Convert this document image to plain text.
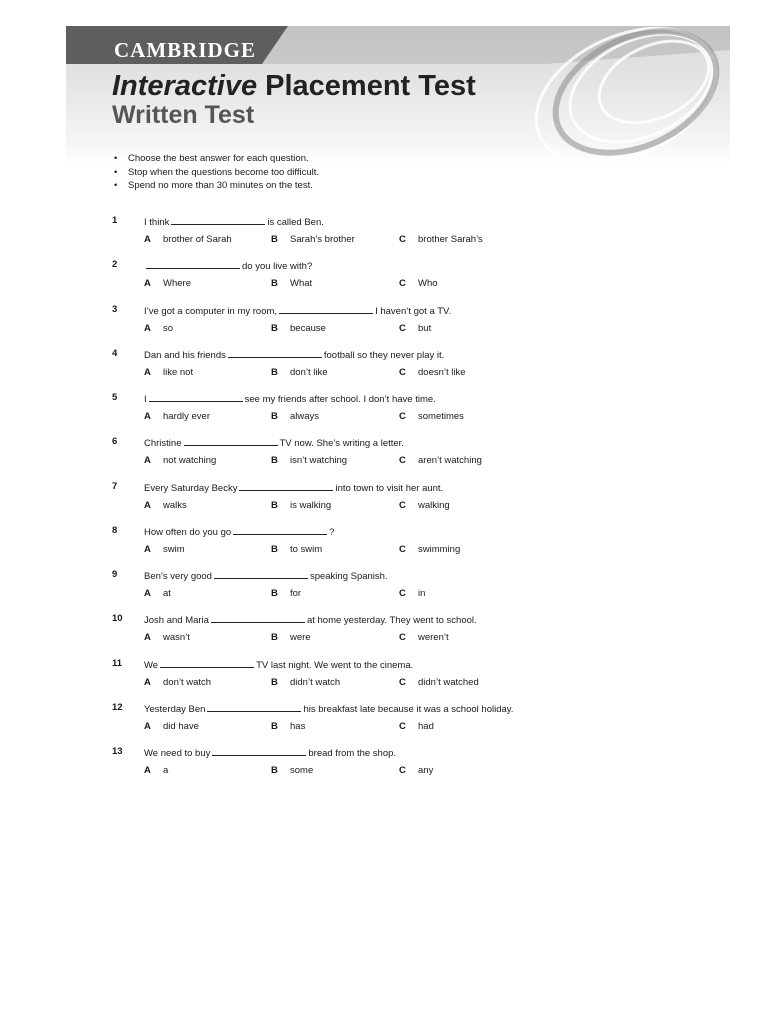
CAMBRIDGE
Interactive Placement Test
Written Test
• Choose the best answer for each question.
• Stop when the questions become too difficult.
• Spend no more than 30 minutes on the test.
1	I think	is called Ben.
A brother of Sarah	B Sarah’s brother	C brother Sarah’s
2	do you live with?
A Where	B What	C Who
3	I’ve got a computer in my room,	I haven’t got a TV.
A so	B because	C but
4	Dan and his friends	football so they never play it.
A like not	B don’t like	C doesn’t like
5	I	see my friends after school. I don’t have time.
A hardly ever	B always	C sometimes
6	Christine	TV now. She’s writing a letter.
A not watching	B isn’t watching	C aren’t watching
7	Every Saturday Becky	into town to visit her aunt.
A walks	B is walking	C walking
8	How often do you go	?
A swim	B to swim	C swimming
9	Ben’s very good	speaking Spanish.
A at	B for	C in
10 Josh and Maria	at home yesterday. They went to school.
A wasn’t	B were	C weren’t
11 We	TV last night. We went to the cinema.
A don’t watch	B didn’t watch	C didn’t watched
12 Yesterday Ben	his breakfast late because it was a school holiday.
A did have	B has	C had
13 We need to buy	bread from the shop.
A a	B some	C any
